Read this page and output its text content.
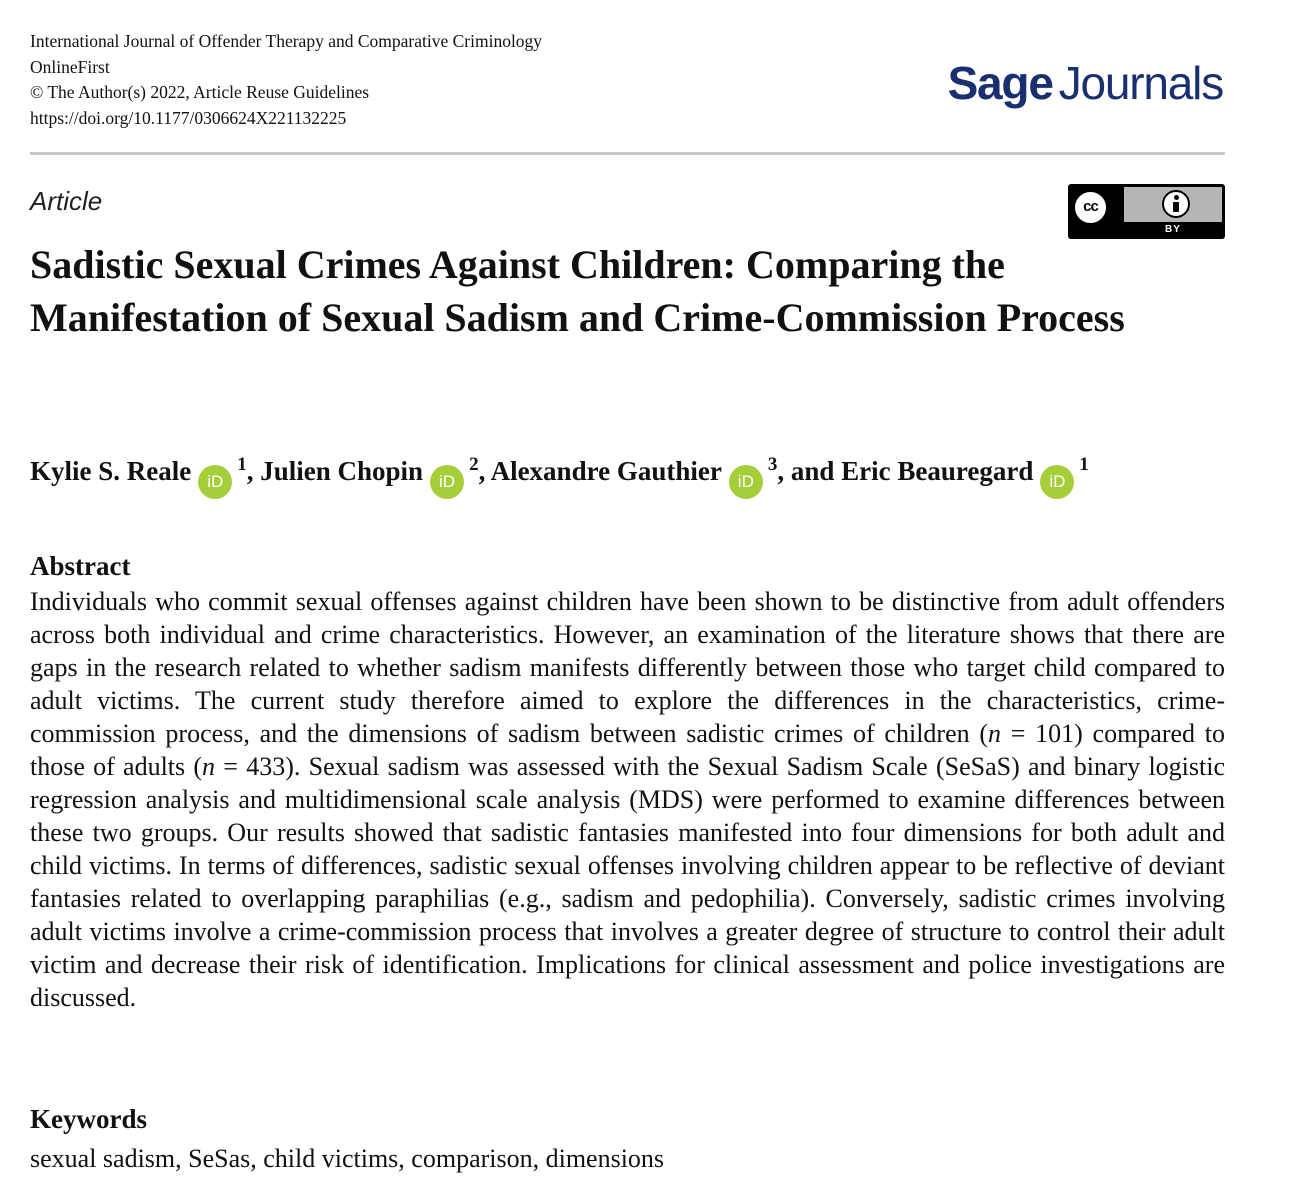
International Journal of Offender Therapy and Comparative Criminology
OnlineFirst
© The Author(s) 2022, Article Reuse Guidelines
https://doi.org/10.1177/0306624X221132225
Sage Journals
Article	cc
BY
Sadistic Sexual Crimes Against Children: Comparing the Manifestation of Sexual Sadism and Crime-Commission Process
Kylie S. Reale $iD^1$, Julien Chopin $iD^2$, Alexandre Gauthier $iD^3$, and Eric Beauregard $iD^1$
Abstract

Individuals who commit sexual offenses against children have been shown to be distinctive from adult offenders across both individual and crime characteristics. However, an examination of the literature shows that there are gaps in the research related to whether sadism manifests differently between those who target child compared to adult victims. The current study therefore aimed to explore the differences in the characteristics, crime-commission process, and the dimensions of sadism between sadistic crimes of children (n = 101) compared to those of adults (n = 433). Sexual sadism was assessed with the Sexual Sadism Scale (SeSaS) and binary logistic regression analysis and multidimensional scale analysis (MDS) were performed to examine differences between these two groups. Our results showed that sadistic fantasies manifested into four dimensions for both adult and child victims. In terms of differences, sadistic sexual offenses involving children appear to be reflective of deviant fantasies related to overlapping paraphilias (e.g., sadism and pedophilia). Conversely, sadistic crimes involving adult victims involve a crime-commission process that involves a greater degree of structure to control their adult victim and decrease their risk of identification. Implications for clinical assessment and police investigations are discussed.

Keywords

sexual sadism, SeSas, child victims, comparison, dimensions
